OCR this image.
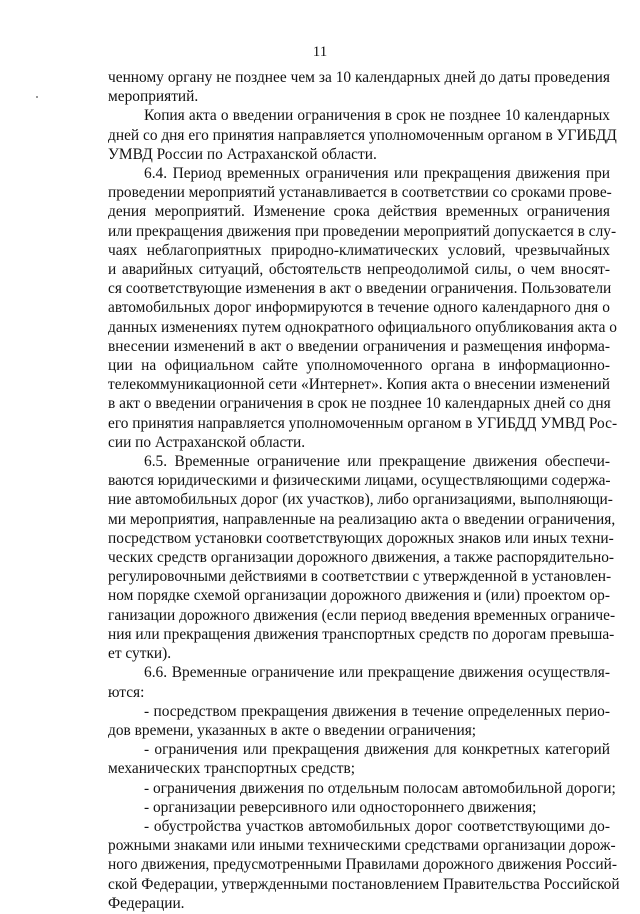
11

ченному органу не позднее чем за 10 календарных дней до даты проведения
мероприятий.

Копия акта о введении ограничения в срок не позднее 10 календарных
дней со дня его принятия направляется уполномоченным органом в УГИБДД
УМВД России по Астраханской области.

6.4. Период временных ограничения или прекращения движения при
проведении мероприятий устанавливается в соответствии со сроками прове-
дения мероприятий. Изменение срока действия временных ограничения
или прекращения движения при проведении мероприятий допускается в слу-
чаях неблагоприятных природно-климатических условий, чрезвычайных
и аварийных ситуаций, обстоятельств непреодолимой силы, о чем вносят-
ся соответствующие изменения в акт о введении ограничения. Пользователи
автомобильных дорог информируются в течение одного календарного дня о
данных изменениях путем однократного официального опубликования акта о
внесении изменений в акт о введении ограничения и размещения информа-
ции на официальном сайте уполномоченного органа в информационно-
телекоммуникационной сети «Интернет». Копия акта о внесении изменений
в акт о введении ограничения в срок не позднее 10 календарных дней со дня
его принятия направляется уполномоченным органом в УГИБДД УМВД Рос-
сии по Астраханской области.

6.5. Временные ограничение или прекращение движения обеспечи-
ваются юридическими и физическими лицами, осуществляющими содержа-
ние автомобильных дорог (их участков), либо организациями, выполняющи-
ми мероприятия, направленные на реализацию акта о введении ограничения,
посредством установки соответствующих дорожных знаков или иных техни-
ческих средств организации дорожного движения, а также распорядительно-
регулировочными действиями в соответствии с утвержденной в установлен-
ном порядке схемой организации дорожного движения и (или) проектом ор-
ганизации дорожного движения (если период введения временных ограниче-
ния или прекращения движения транспортных средств по дорогам превышa-
ет сутки).

6.6. Временные ограничение или прекращение движения осуществля-
ются:

- посредством прекращения движения в течение определенных перио-
дов времени, указанных в акте о введении ограничения;

- ограничения или прекращения движения для конкретных категорий
механических транспортных средств;

- ограничения движения по отдельным полосам автомобильной дороги;

- организации реверсивного или одностороннего движения;

- обустройства участков автомобильных дорог соответствующими до-
рожными знаками или иными техническими средствами организации дорож-
ного движения, предусмотренными Правилами дорожного движения Россий-
ской Федерации, утвержденными постановлением Правительства Российской
Федерации.
